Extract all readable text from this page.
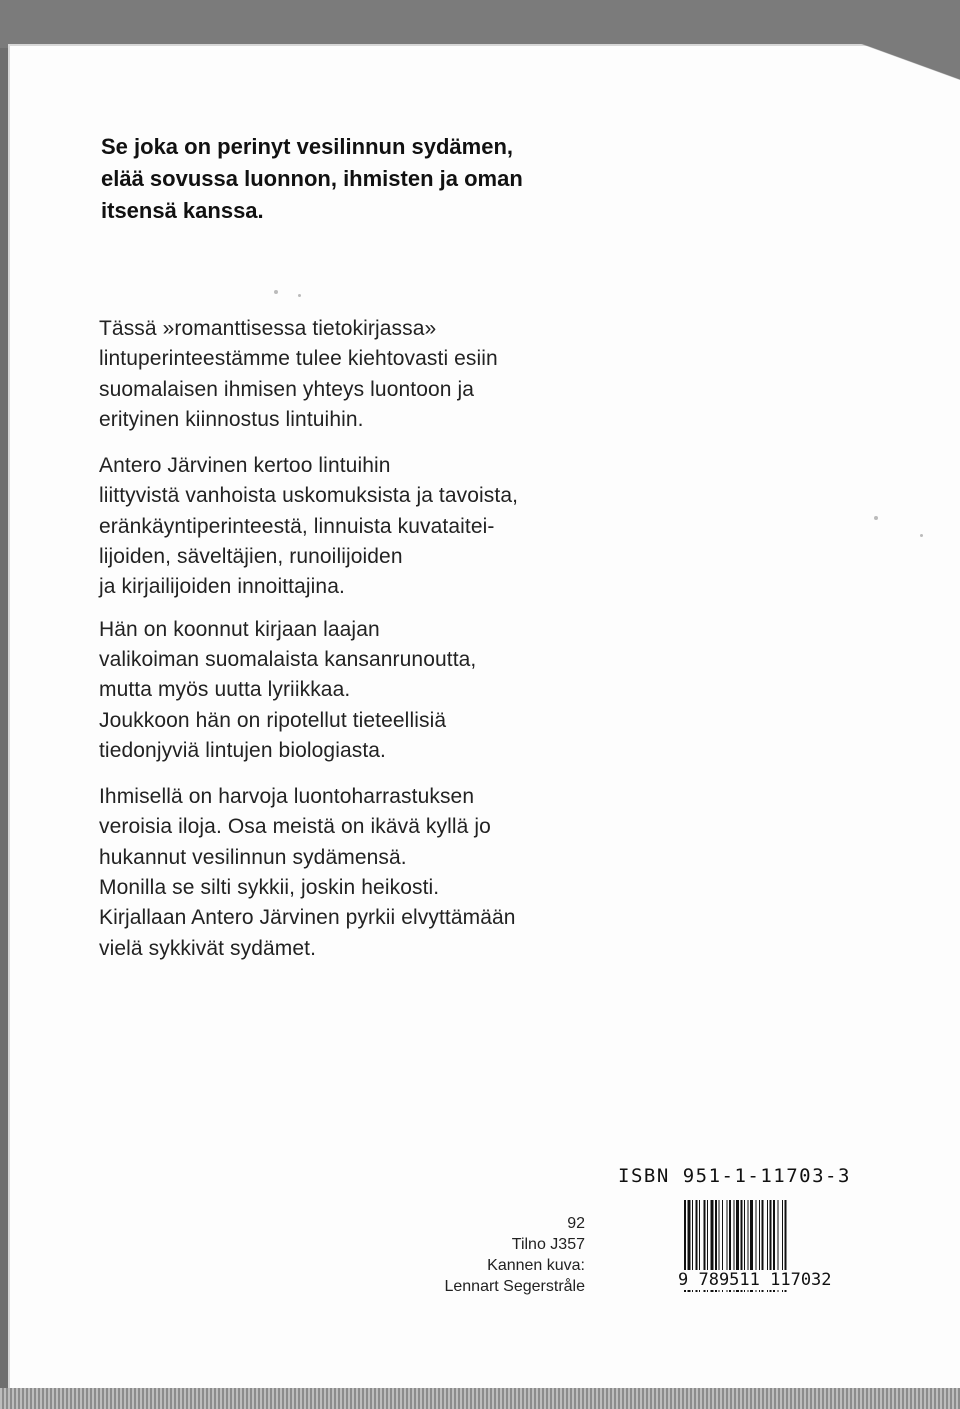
Se joka on perinyt vesilinnun sydämen,
elää sovussa luonnon, ihmisten ja oman
itsensä kanssa.
Tässä »romanttisessa tietokirjassa»
lintuperinteestämme tulee kiehtovasti esiin
suomalaisen ihmisen yhteys luontoon ja
erityinen kiinnostus lintuihin.
Antero Järvinen kertoo lintuihin
liittyvistä vanhoista uskomuksista ja tavoista,
eränkäyntiperinteestä, linnuista kuvataitei-
lijoiden, säveltäjien, runoilijoiden
ja kirjailijoiden innoittajina.
Hän on koonnut kirjaan laajan
valikoiman suomalaista kansanrunoutta,
mutta myös uutta lyriikkaa.
Joukkoon hän on ripotellut tieteellisiä
tiedonjyviä lintujen biologiasta.
Ihmisellä on harvoja luontoharrastuksen
veroisia iloja. Osa meistä on ikävä kyllä jo
hukannut vesilinnun sydämensä.
Monilla se silti sykkii, joskin heikosti.
Kirjallaan Antero Järvinen pyrkii elvyttämään
vielä sykkivät sydämet.
92
Tilno J357
Kannen kuva:
Lennart Segerstråle
ISBN 951-1-11703-3
9 789511 117032
